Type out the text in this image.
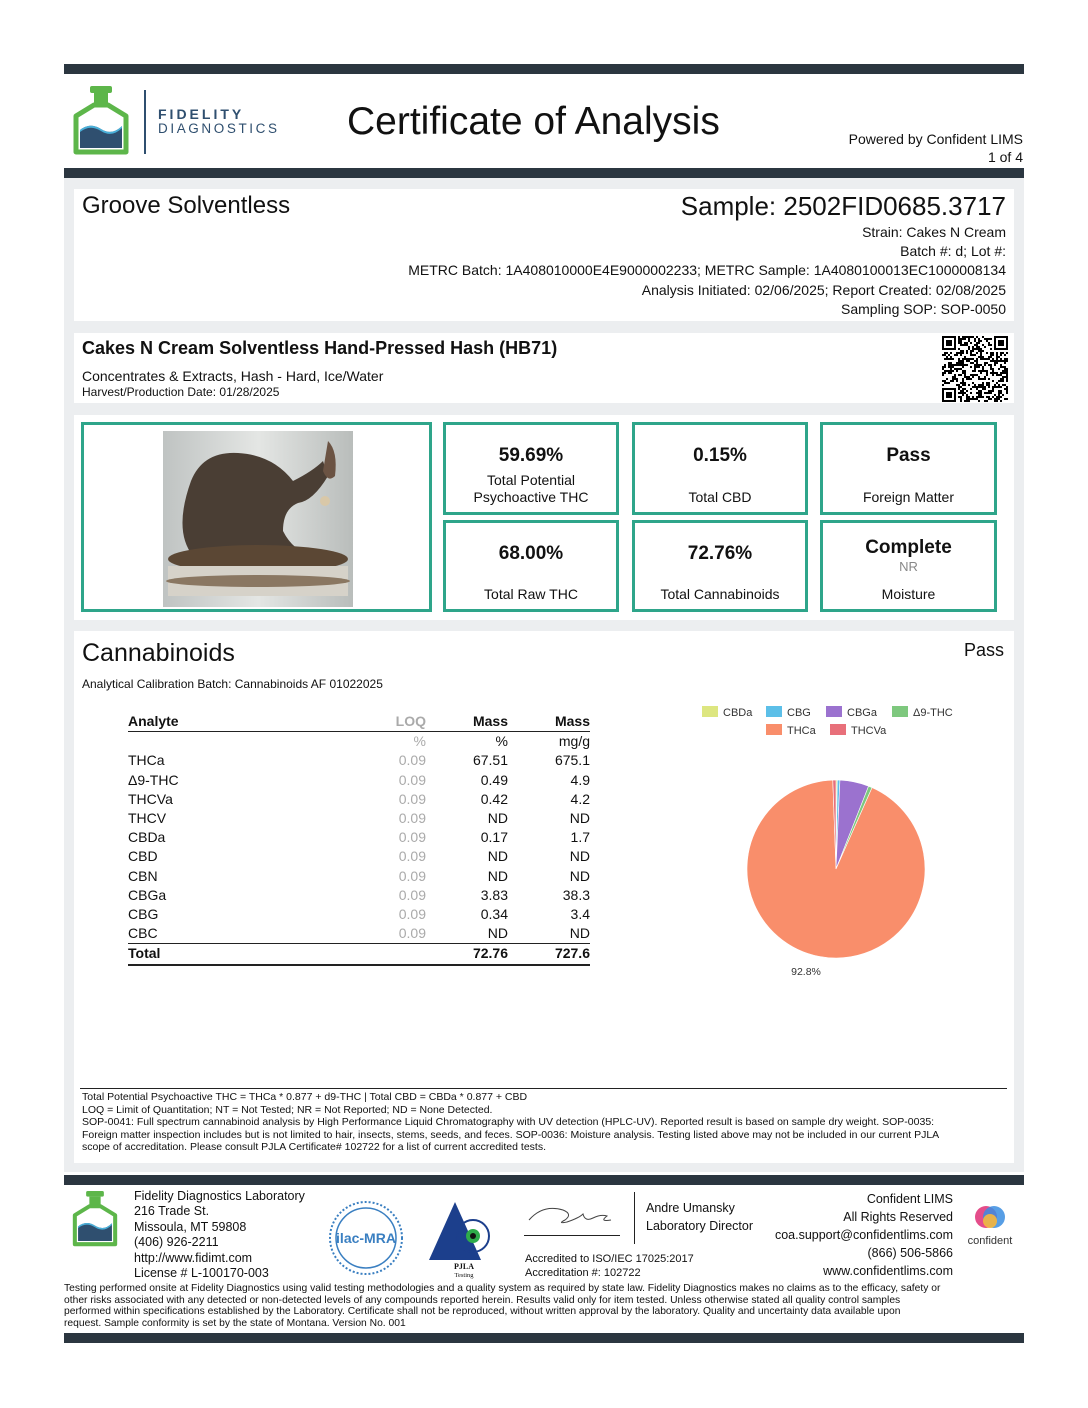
FIDELITY
DIAGNOSTICS Certificate of Analysis	Powered by Confident LIMS
1 of 4
Groove Solventless	Sample: 2502FID0685.3717
Strain: Cakes N Cream
Batch #: d; Lot #:
METRC Batch: 1A408010000E4E9000002233; METRC Sample: 1A4080100013EC1000008134
Analysis Initiated: 02/06/2025; Report Created: 02/08/2025
Sampling SOP: SOP-0050
Cakes N Cream Solventless Hand-Pressed Hash (HB71)
Concentrates & Extracts, Hash - Hard, Ice/Water
Harvest/Production Date: 01/28/2025
59.69%
Total Potential
Psychoactive THC
0.15%
Total CBD
Pass
Foreign Matter
68.00%
Total Raw THC
72.76%
Total Cannabinoids
Complete
NR
Moisture
Cannabinoids	Pass
Analytical Calibration Batch: Cannabinoids AF 01022025
Analyte	LOQ	Mass	Mass
	%	%	mg/g
THCa	0.09	67.51	675.1
Δ9-THC	0.09	0.49	4.9
THCVa	0.09	0.42	4.2
THCV	0.09	ND	ND
CBDa	0.09	0.17	1.7
CBD	0.09	ND	ND
CBN	0.09	ND	ND
CBGa	0.09	3.83	38.3
CBG	0.09	0.34	3.4
CBC	0.09	ND	ND
Total		72.76	727.6
CBDa	CBG	CBGa	Δ9-THC
THCa	THCVa
92.8%
Total Potential Psychoactive THC = THCa * 0.877 + d9-THC | Total CBD = CBDa * 0.877 + CBD
LOQ = Limit of Quantitation; NT = Not Tested; NR = Not Reported; ND = None Detected.
SOP-0041: Full spectrum cannabinoid analysis by High Performance Liquid Chromatography with UV detection (HPLC-UV). Reported result is based on sample dry weight. SOP-0035:
Foreign matter inspection includes but is not limited to hair, insects, stems, seeds, and feces. SOP-0036: Moisture analysis. Testing listed above may not be included in our current PJLA
scope of accreditation. Please consult PJLA Certificate# 102722 for a list of current accredited tests.
Fidelity Diagnostics Laboratory
216 Trade St.
Missoula, MT 59808
(406) 926-2211
http://www.fidimt.com
License # L-100170-003
ilac-MRA
PJLA
Testing
Andre Umansky
Laboratory Director
Accredited to ISO/IEC 17025:2017
Accreditation #: 102722
Confident LIMS
All Rights Reserved
coa.support@confidentlims.com
(866) 506-5866
www.confidentlims.com
confident
Testing performed onsite at Fidelity Diagnostics using valid testing methodologies and a quality system as required by state law. Fidelity Diagnostics makes no claims as to the efficacy, safety or
other risks associated with any detected or non-detected levels of any compounds reported herein. Results valid only for item tested. Unless otherwise stated all quality control samples
performed within specifications established by the Laboratory. Certificate shall not be reproduced, without written approval by the laboratory. Quality and uncertainty data available upon
request. Sample conformity is set by the state of Montana. Version No. 001
